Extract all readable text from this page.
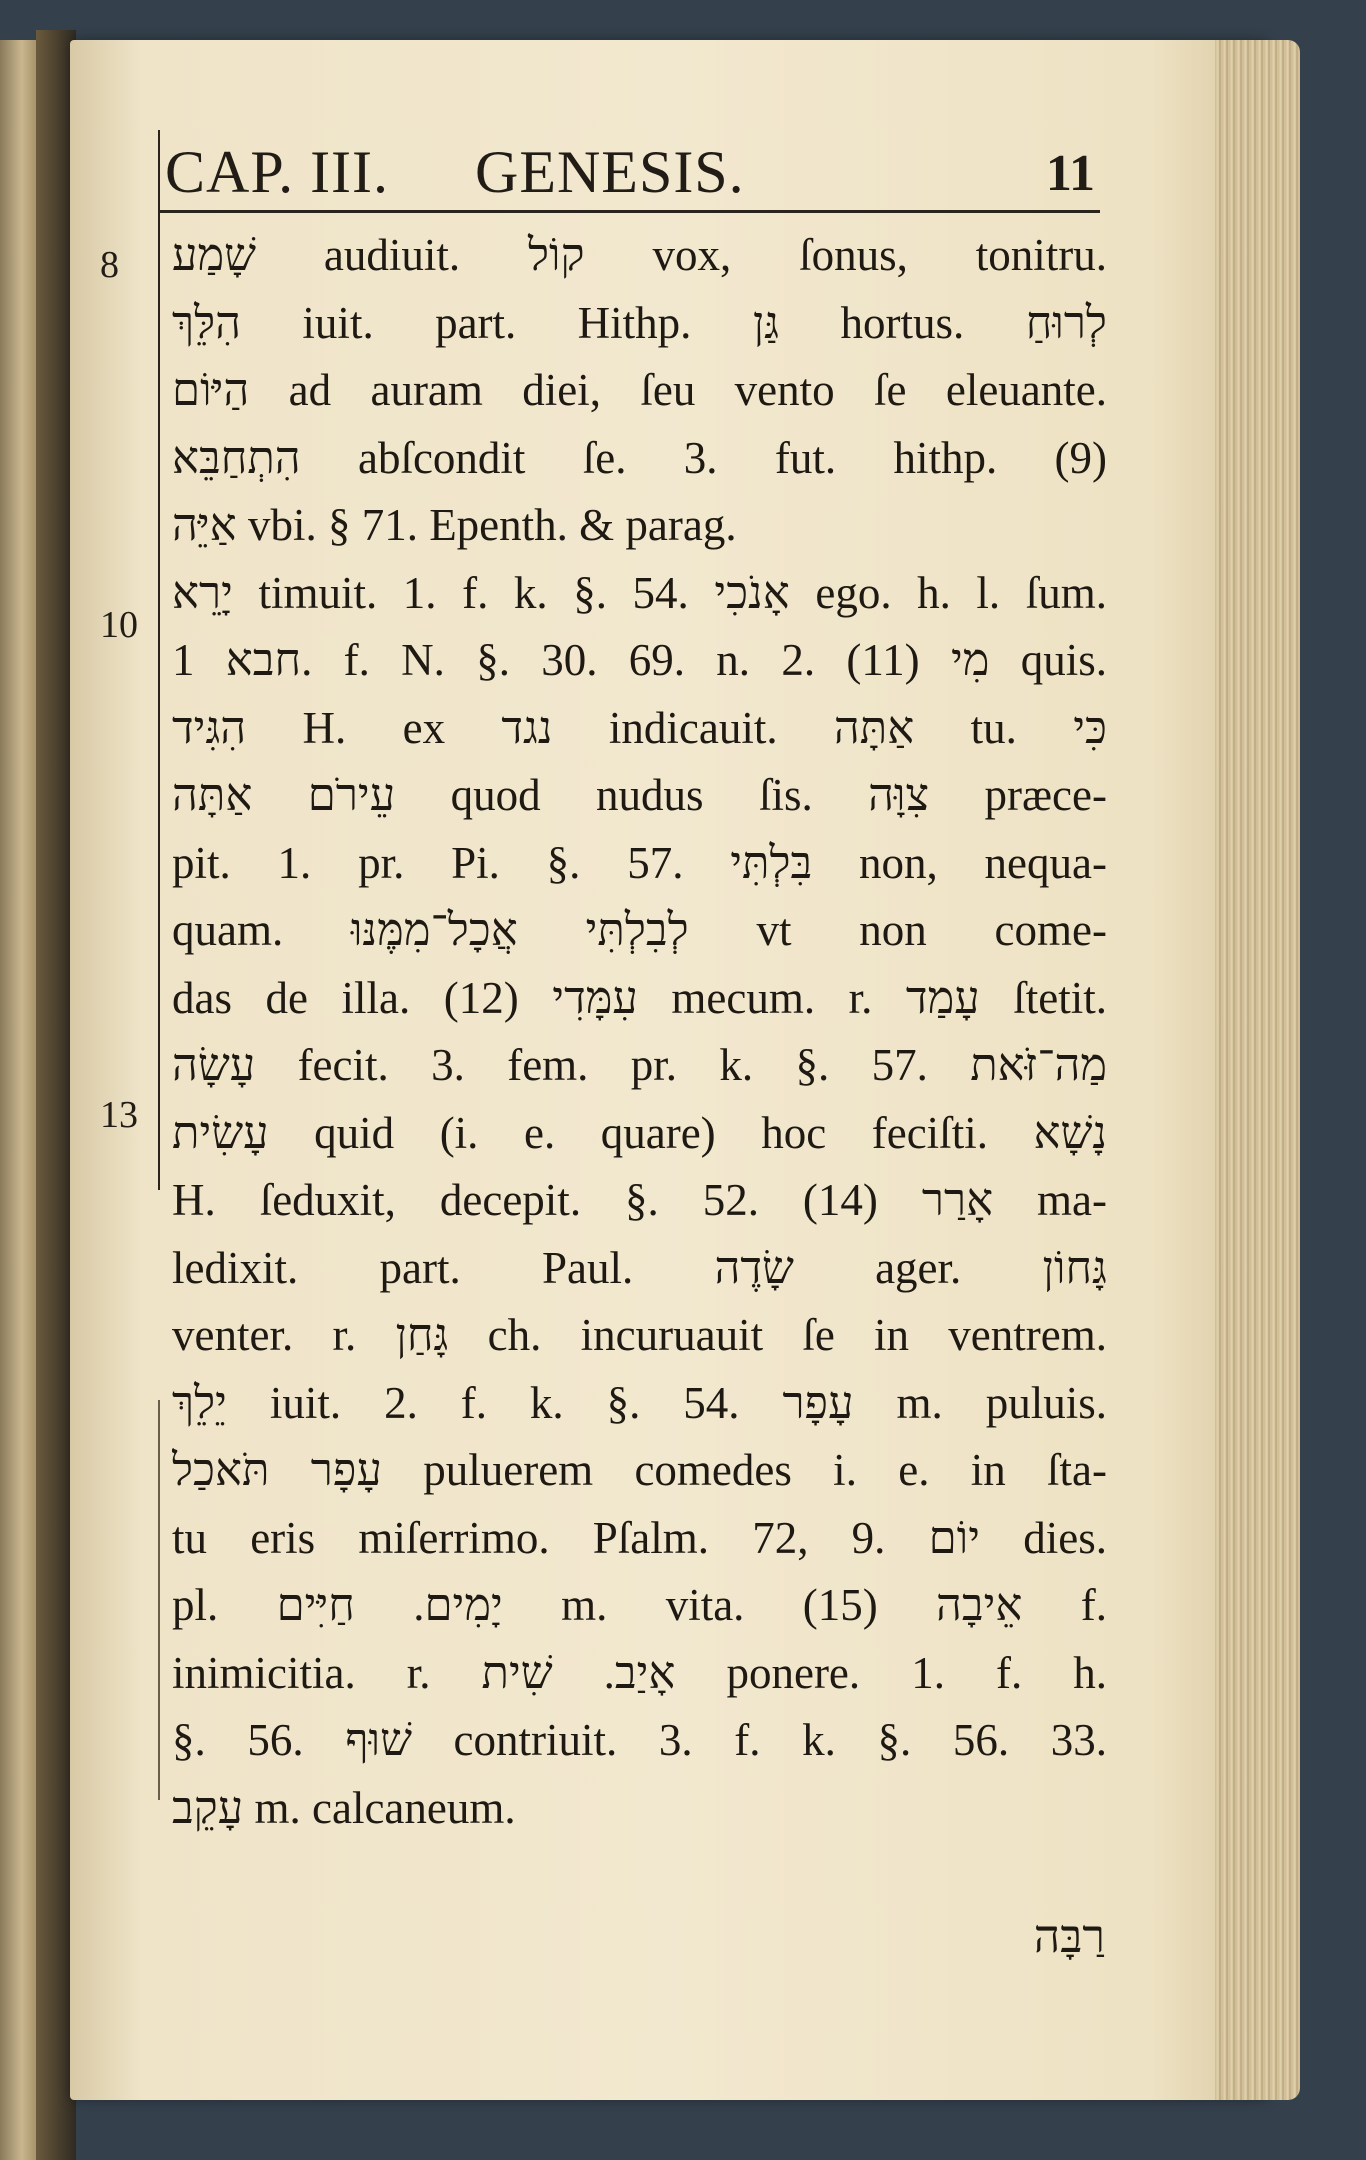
CAP. III. GENESIS.	11
8
10
13
שָׁמַע audiuit. קוֹל vox, ſonus, tonitru.
הִלֵּךְ iuit. part. Hithp. גַּן hortus. לְרוּחַ
הַיּוֹם ad auram diei, ſeu vento ſe eleuante.
הִתְחַבֵּא abſcondit ſe. 3. fut. hithp. (9)
אַיֵּה vbi. § 71. Epenth. & parag.
יָרֵא timuit. 1. f. k. §. 54. אָנֹכִי ego. h. l. ſum.
חבא 1. f. N. §. 30. 69. n. 2. (11) מִי quis.
הִגִּיד H. ex נגד indicauit. אַתָּה tu. כִּי
עֵירֹם אַתָּה quod nudus ſis. צִוָּה præce-
pit. 1. pr. Pi. §. 57. בִּלְתִּי non, nequa-
quam. לְבִלְתִּי אֲכָל־מִמֶּנּוּ vt non come-
das de illa. (12) עִמָּדִי mecum. r. עָמַד ſtetit.
עָשָׂה fecit. 3. fem. pr. k. §. 57. מַה־זֹּאת
עָשִׂית quid (i. e. quare) hoc feciſti. נָשָׁא
H. ſeduxit, decepit. §. 52. (14) אָרַר ma-
ledixit. part. Paul. שָׂדֶה ager. גָּחוֹן
venter. r. גָּחַן ch. incuruauit ſe in ventrem.
יֵלֵךְ iuit. 2. f. k. §. 54. עָפָר m. puluis.
עָפָר תֹּאכַל puluerem comedes i. e. in ſta-
tu eris miſerrimo. Pſalm. 72, 9. יוֹם dies.
pl. יָמִים. חַיִּים m. vita. (15) אֵיבָה f.
inimicitia. r. אָיַב. שִׁית ponere. 1. f. h.
§. 56. שׁוּף contriuit. 3. f. k. §. 56. 33.
עָקֵב m. calcaneum.
רַבָּה
